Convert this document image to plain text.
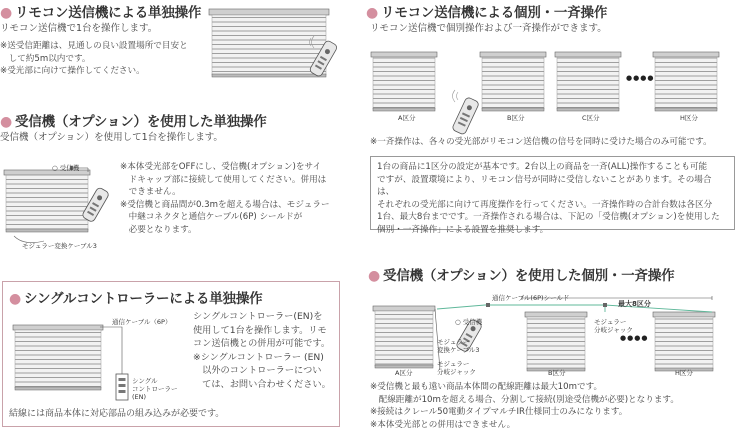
● リモコン送信機による単独操作
リモコン送信機で1台を操作します。
※送受信距離は、見通しの良い設置場所で目安と
　して約5m以内です。
※受光部に向けて操作してください。
● リモコン送信機による個別・一斉操作
リモコン送信機で個別操作および一斉操作ができます。
A区分	B区分	C区分	H区分
●●●●
※一斉操作は、各々の受光部がリモコン送信機の信号を同時に受けた場合のみ可能です。
1台の商品に1区分の設定が基本です。2台以上の商品を一斉(ALL)操作することも可能
ですが、設置環境により、リモコン信号が同時に受信しないことがあります。その場合は、
それぞれの受光部に向けて再度操作を行ってください。一斉操作時の合計台数は各区分
1台、最大8台までです。一斉操作される場合は、下記の「受信機(オプション)を使用した
個別・一斉操作」による設置を推奨します。
● 受信機（オプション）を使用した単独操作
受信機（オプション）を使用して1台を操作します。
○ 受信機
モジュラー変換ケーブル3
※本体受光部をOFFにし、受信機(オプション)をサイ
　ドキャップ部に接続して使用してください。併用は
　できません。
※受信機と商品間が0.3mを超える場合は、モジュラー
　中継コネクタと通信ケーブル(6P) シールドが
　必要となります。
● シングルコントローラーによる単独操作
通信ケーブル（6P）
シングル
コントローラー
(EN)
シングルコントローラー(EN)を
使用して1台を操作します。リモ
コン送信機との併用が可能です。
※シングルコントローラー (EN)
　以外のコントローラーについ
　ては、お問い合わせください。
結線には商品本体に対応部品の組み込みが必要です。
● 受信機（オプション）を使用した個別・一斉操作
通信ケーブル(6P)シールド
最大8区分
○ 受信機
モジュラー
変換ケーブル3
モジュラー
分岐ジャック
モジュラー
分岐ジャック
A区分	B区分	H区分
●●●●
※受信機と最も遠い商品本体間の配線距離は最大10mです。
　配線距離が10mを超える場合、分割して接続(別途受信機が必要)となります。
※接続はクレール50電動タイプマルチIR仕様同士のみになります。
※本体受光部との併用はできません。
